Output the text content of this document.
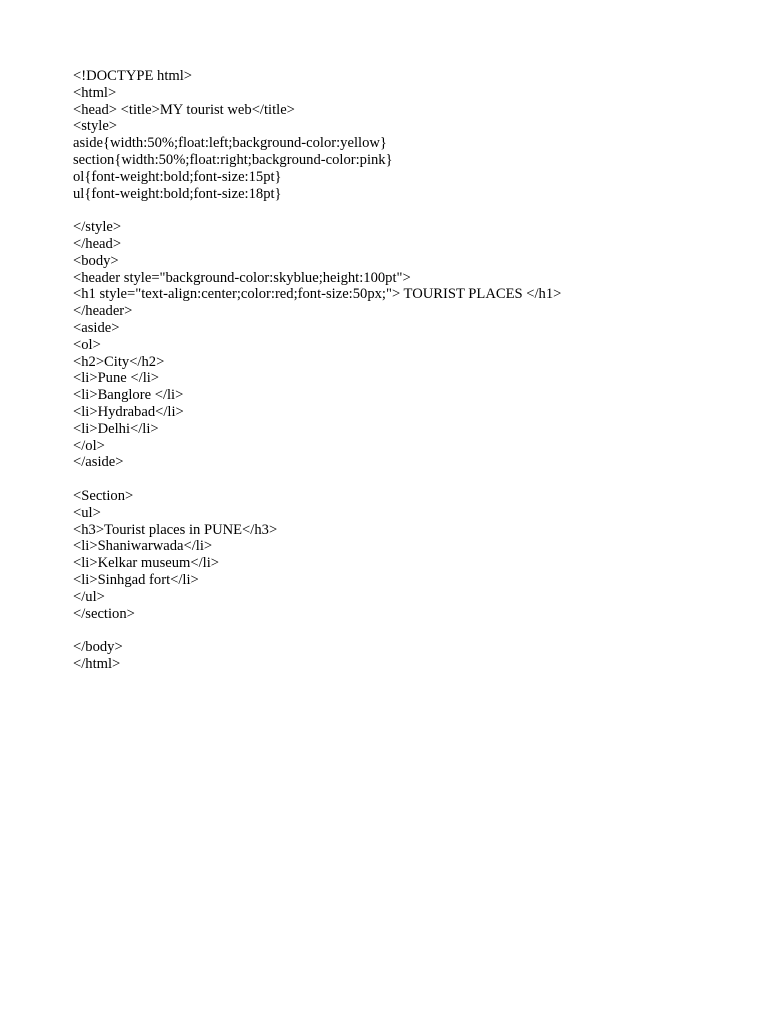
<!DOCTYPE html>
<html>
<head> <title>MY tourist web</title>
<style>
aside{width:50%;float:left;background-color:yellow}
section{width:50%;float:right;background-color:pink}
ol{font-weight:bold;font-size:15pt}
ul{font-weight:bold;font-size:18pt}
</style>
</head>
<body>
<header style="background-color:skyblue;height:100pt">
<h1 style="text-align:center;color:red;font-size:50px;"> TOURIST PLACES </h1>
</header>
<aside>
<ol>
<h2>City</h2>
<li>Pune </li>
<li>Banglore </li>
<li>Hydrabad</li>
<li>Delhi</li>
</ol>
</aside>
<Section>
<ul>
<h3>Tourist places in PUNE</h3>
<li>Shaniwarwada</li>
<li>Kelkar museum</li>
<li>Sinhgad fort</li>
</ul>
</section>
</body>
</html>
